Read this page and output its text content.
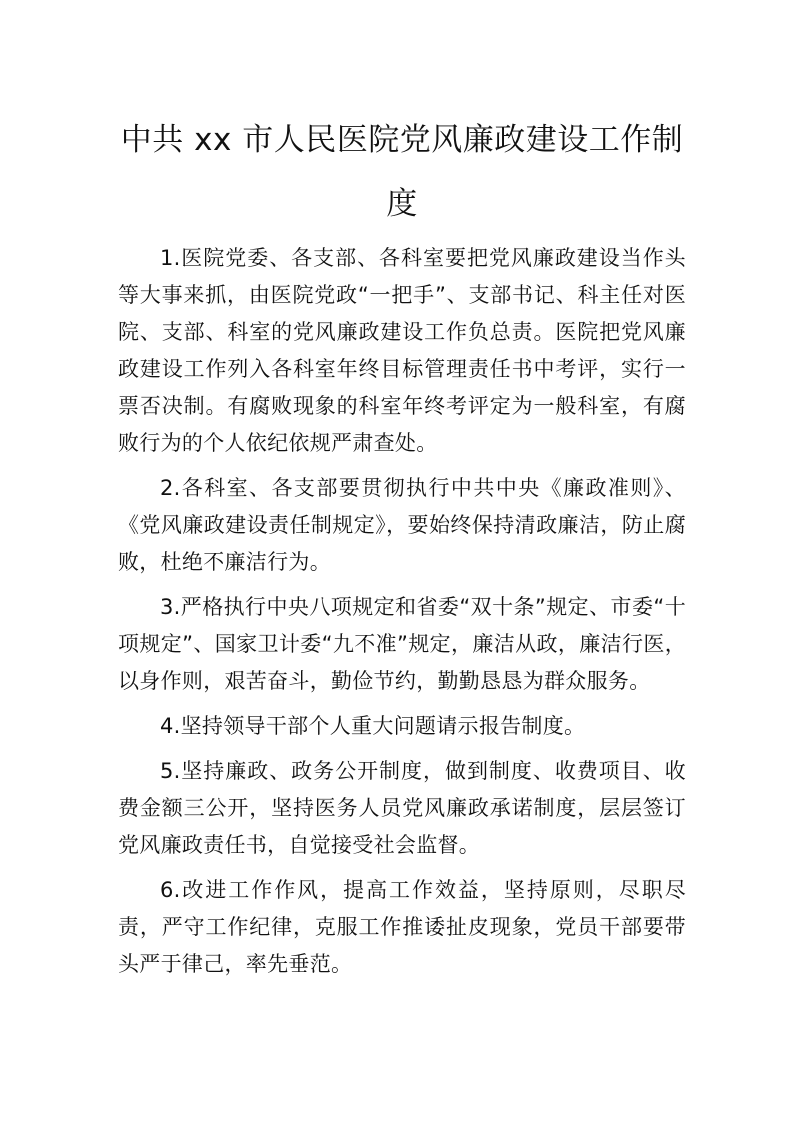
中共 xx 市人民医院党风廉政建设工作制度

1.医院党委、各支部、各科室要把党风廉政建设当作头等大事来抓，由医院党政“一把手”、支部书记、科主任对医院、支部、科室的党风廉政建设工作负总责。医院把党风廉政建设工作列入各科室年终目标管理责任书中考评，实行一票否决制。有腐败现象的科室年终考评定为一般科室，有腐败行为的个人依纪依规严肃查处。

2.各科室、各支部要贯彻执行中共中央《廉政准则》、《党风廉政建设责任制规定》，要始终保持清政廉洁，防止腐败，杜绝不廉洁行为。

3.严格执行中央八项规定和省委“双十条”规定、市委“十项规定”、国家卫计委“九不准”规定，廉洁从政，廉洁行医，以身作则，艰苦奋斗，勤俭节约，勤勤恳恳为群众服务。

4.坚持领导干部个人重大问题请示报告制度。

5.坚持廉政、政务公开制度，做到制度、收费项目、收费金额三公开，坚持医务人员党风廉政承诺制度，层层签订党风廉政责任书，自觉接受社会监督。

6.改进工作作风，提高工作效益，坚持原则，尽职尽责，严守工作纪律，克服工作推诿扯皮现象，党员干部要带头严于律己，率先垂范。
